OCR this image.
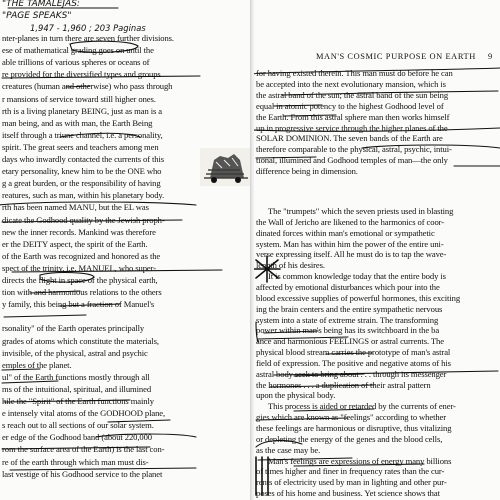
"THE TAMALEJAS:
"PAGE SPEAKS"
1,947 - 1,960 ; 203 Paginas
nter-planes in turn there are seven further divisions.
ese of mathematical grading goes on until the
able trillions of various spheres or oceans of
re provided for the diversified types and groups
creatures (human and otherwise) who pass through
r mansions of service toward still higher ones.
rth is a living planetary BEING, just as man is a
man being, and as with man, the Earth Being
itself through a triune channel, i.e. a personality,
spirit. The great seers and teachers among men
days who inwardly contacted the currents of this
etary personality, knew him to be the ONE who
g a great burden, or the responsibility of having
reatures, such as man, within his planetary body.
rth has been named MANU, but the EL was
dicate the Godhood quality by the Jewish proph-
new the inner records. Mankind was therefore
er the DEITY aspect, the spirit of the Earth.
of the Earth was recognized and honored as the
spect of the trinity, i.e. MANUEL, who super-
directs the flight in space of the physical earth,
tion with and harmonious relations to the others
y family, this being but a fraction of Manuel's
rsonality" of the Earth operates principally
grades of atoms which constitute the materials,
invisible, of the physical, astral and psychic
emples of the planet.
ul" of the Earth functions mostly through all
ms of the intuitional, spiritual, and illumined
hile the "Spirit" of the Earth functions mainly
e intensely vital atoms of the GODHOOD plane,
s reach out to all sections of our solar system.
er edge of the Godhood band (about 220,000
rom the surface area of the Earth) is the last con-
re of the earth through which man must dis-
last vestige of his Godhood service to the planet
MAN'S COSMIC PURPOSE ON EARTH 9
for having existed therein. This man must do before he can
be accepted into the next evolutionary mansion, which is
the astral band of the sun; the astral band of the sun being
equal in atomic potency to the highest Godhood level of
the Earth. From this astral sphere man then works himself
up in progressive service through the higher planes of the
SOLAR DOMINION. The seven bands of the Earth are
therefore comparable to the physical, astral, psychic, intui-
tional, illumined and Godhood temples of man—the only
difference being in dimension.
The "trumpets" which the seven priests used in blasting
the Wall of Jericho are likened to the harmonics of coor-
dinated forces within man's emotional or sympathetic
system. Man has within him the power of the entire uni-
verse expressing itself. All he must do is to tap the wave-
length of his desires.
It is common knowledge today that the entire body is
affected by emotional disturbances which pour into the
blood excessive supplies of powerful hormones, this exciting
ing the brain centers and the entire sympathetic nervous
system into a state of extreme strain. The transforming
power within man's being has its switchboard in the ba
ance and harmonious FEELINGS or astral currents. The
physical blood stream carries the prototype of man's astral
field of expression. The positive and negative atoms of his
astral body seek to bring about . . . through its messenger
the hormones . . . a duplication of their astral pattern
upon the physical body.
This process is aided or retarded by the currents of ener-
gies which are known as "feelings" according to whether
these feelings are harmonious or disruptive, thus vitalizing
or depleting the energy of the genes and the blood cells,
as the case may be.
Man's feelings are expressions of energy many billions
of times higher and finer in frequency rates than the cur-
rents of electricity used by man in lighting and other pur-
poses of his home and business. Yet science shows that
